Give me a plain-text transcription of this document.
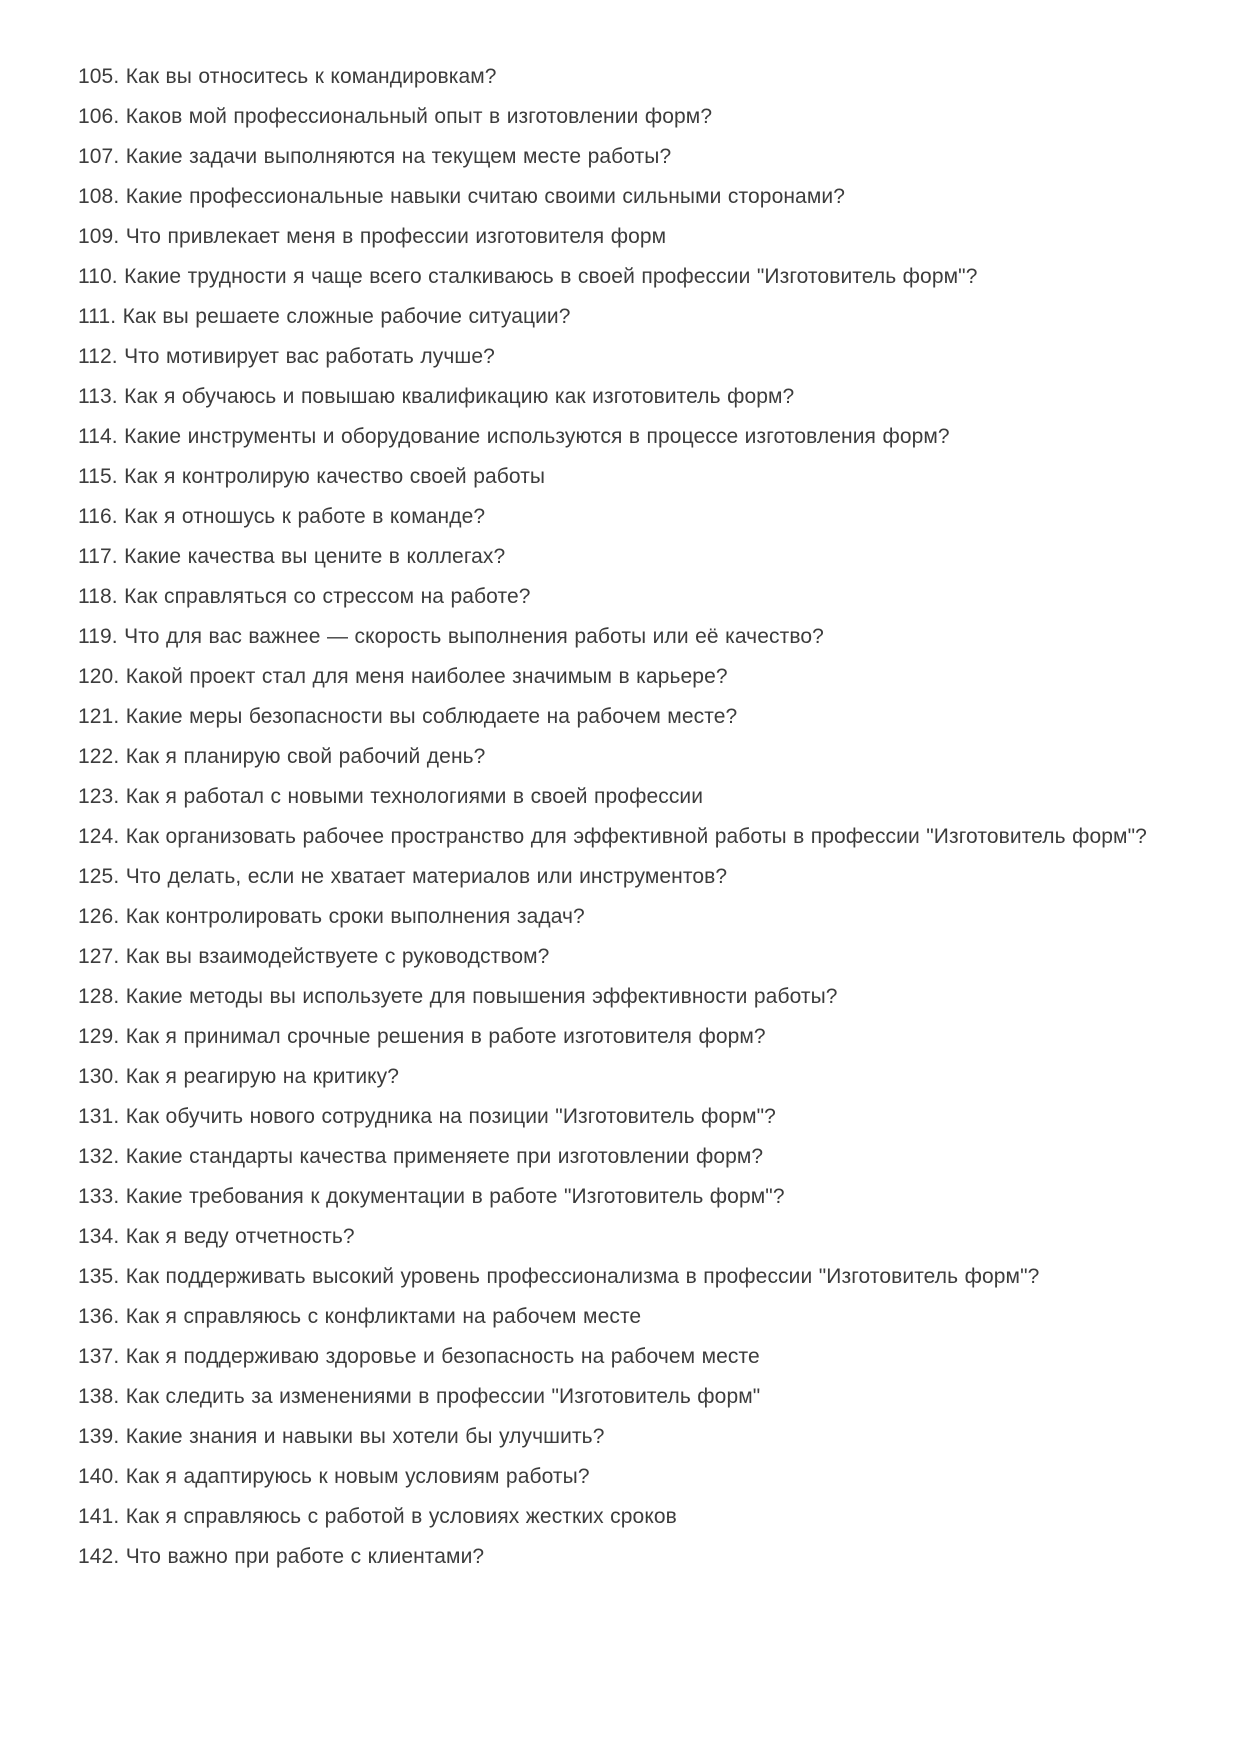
105. Как вы относитесь к командировкам?

106. Каков мой профессиональный опыт в изготовлении форм?

107. Какие задачи выполняются на текущем месте работы?

108. Какие профессиональные навыки считаю своими сильными сторонами?

109. Что привлекает меня в профессии изготовителя форм

110. Какие трудности я чаще всего сталкиваюсь в своей профессии "Изготовитель форм"?

111. Как вы решаете сложные рабочие ситуации?

112. Что мотивирует вас работать лучше?

113. Как я обучаюсь и повышаю квалификацию как изготовитель форм?

114. Какие инструменты и оборудование используются в процессе изготовления форм?

115. Как я контролирую качество своей работы

116. Как я отношусь к работе в команде?

117. Какие качества вы цените в коллегах?

118. Как справляться со стрессом на работе?

119. Что для вас важнее — скорость выполнения работы или её качество?

120. Какой проект стал для меня наиболее значимым в карьере?

121. Какие меры безопасности вы соблюдаете на рабочем месте?

122. Как я планирую свой рабочий день?

123. Как я работал с новыми технологиями в своей профессии

124. Как организовать рабочее пространство для эффективной работы в профессии "Изготовитель форм"?

125. Что делать, если не хватает материалов или инструментов?

126. Как контролировать сроки выполнения задач?

127. Как вы взаимодействуете с руководством?

128. Какие методы вы используете для повышения эффективности работы?

129. Как я принимал срочные решения в работе изготовителя форм?

130. Как я реагирую на критику?

131. Как обучить нового сотрудника на позиции "Изготовитель форм"?

132. Какие стандарты качества применяете при изготовлении форм?

133. Какие требования к документации в работе "Изготовитель форм"?

134. Как я веду отчетность?

135. Как поддерживать высокий уровень профессионализма в профессии "Изготовитель форм"?

136. Как я справляюсь с конфликтами на рабочем месте

137. Как я поддерживаю здоровье и безопасность на рабочем месте

138. Как следить за изменениями в профессии "Изготовитель форм"

139. Какие знания и навыки вы хотели бы улучшить?

140. Как я адаптируюсь к новым условиям работы?

141. Как я справляюсь с работой в условиях жестких сроков

142. Что важно при работе с клиентами?
